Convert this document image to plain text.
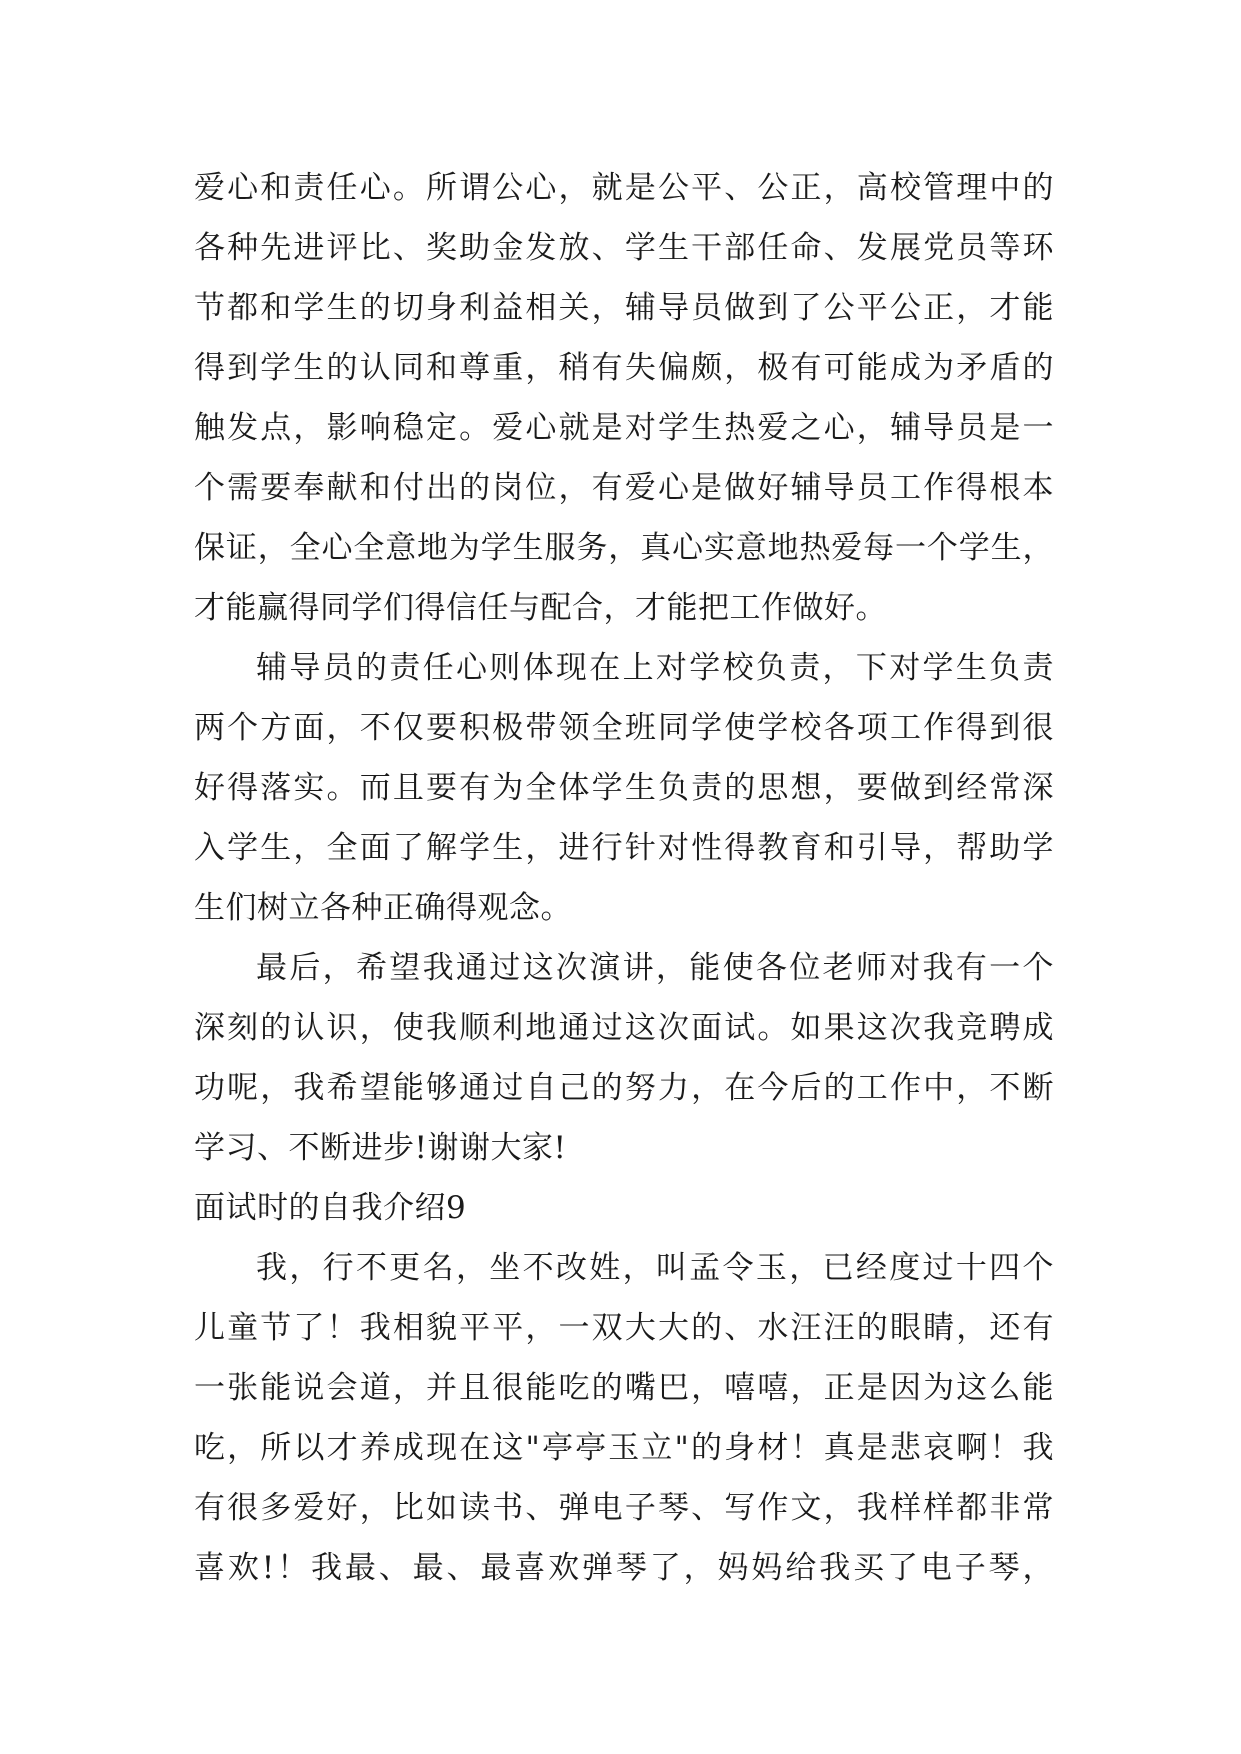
爱心和责任心。所谓公心，就是公平、公正，高校管理中的
各种先进评比、奖助金发放、学生干部任命、发展党员等环
节都和学生的切身利益相关，辅导员做到了公平公正，才能
得到学生的认同和尊重，稍有失偏颇，极有可能成为矛盾的
触发点，影响稳定。爱心就是对学生热爱之心，辅导员是一
个需要奉献和付出的岗位，有爱心是做好辅导员工作得根本
保证，全心全意地为学生服务，真心实意地热爱每一个学生，
才能赢得同学们得信任与配合，才能把工作做好。
辅导员的责任心则体现在上对学校负责，下对学生负责
两个方面，不仅要积极带领全班同学使学校各项工作得到很
好得落实。而且要有为全体学生负责的思想，要做到经常深
入学生，全面了解学生，进行针对性得教育和引导，帮助学
生们树立各种正确得观念。
最后，希望我通过这次演讲，能使各位老师对我有一个
深刻的认识，使我顺利地通过这次面试。如果这次我竞聘成
功呢，我希望能够通过自己的努力，在今后的工作中，不断
学习、不断进步!谢谢大家!
面试时的自我介绍9
我，行不更名，坐不改姓，叫孟令玉，已经度过十四个
儿童节了！我相貌平平，一双大大的、水汪汪的眼睛，还有
一张能说会道，并且很能吃的嘴巴，嘻嘻，正是因为这么能
吃，所以才养成现在这"亭亭玉立"的身材！真是悲哀啊！我
有很多爱好，比如读书、弹电子琴、写作文，我样样都非常
喜欢!！我最、最、最喜欢弹琴了，妈妈给我买了电子琴，
